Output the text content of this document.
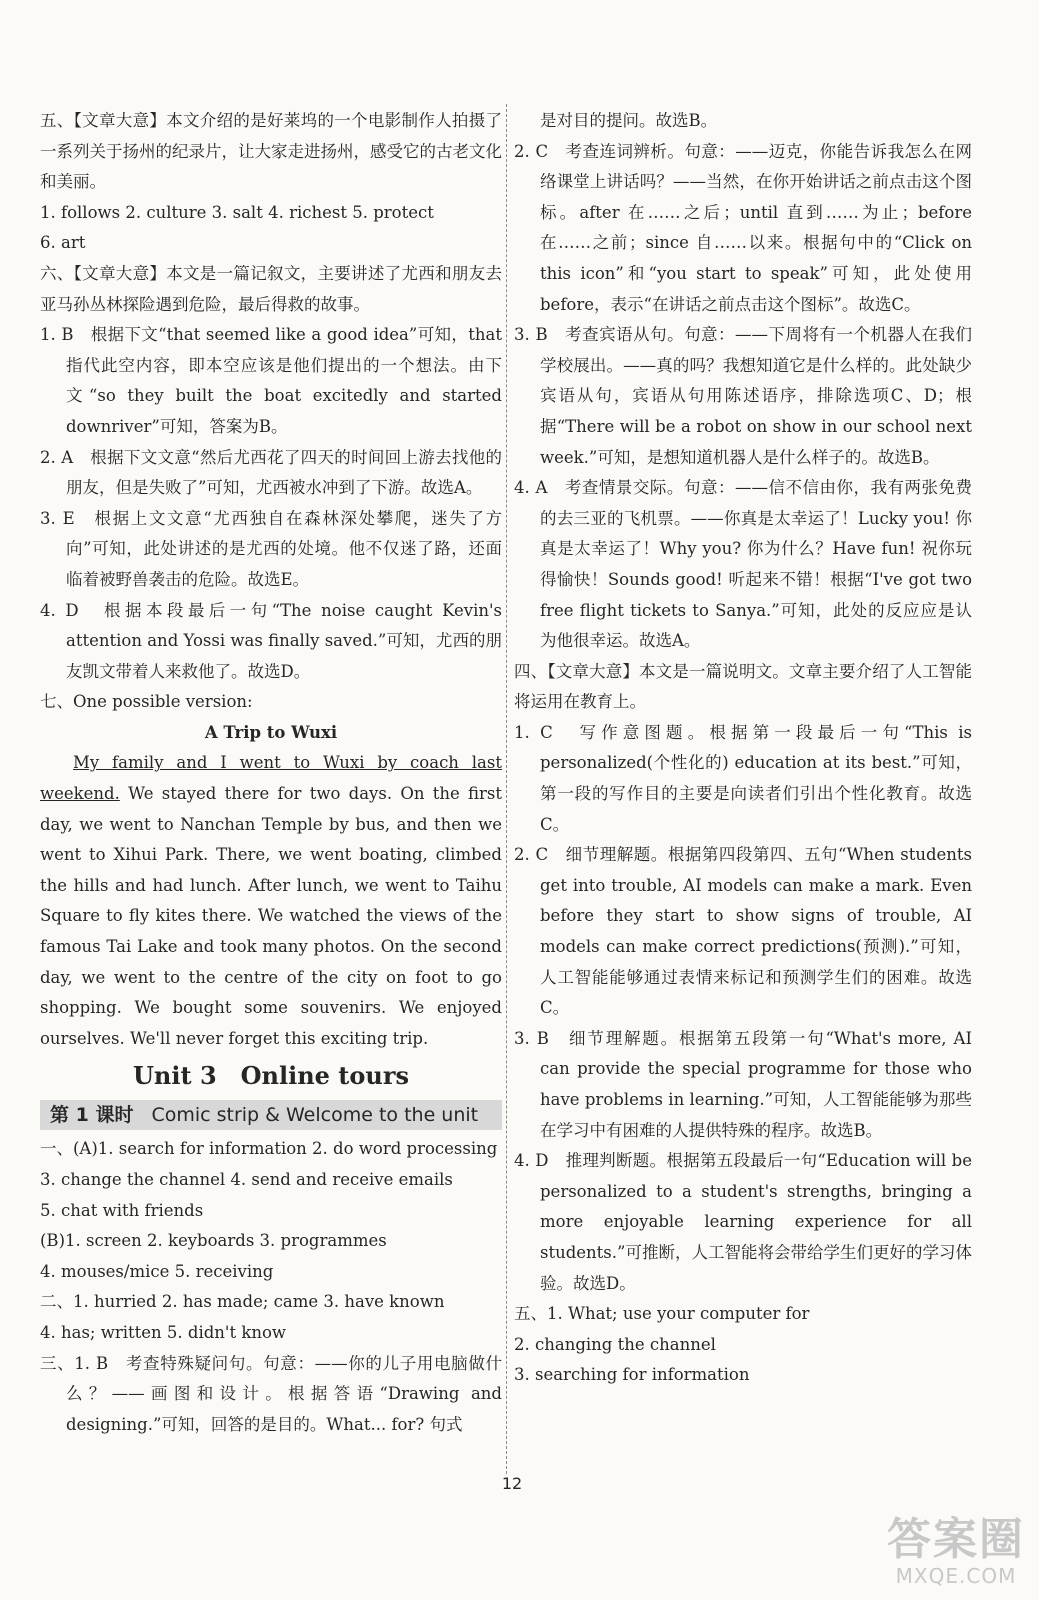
五、【文章大意】本文介绍的是好莱坞的一个电影制作人拍摄了一系列关于扬州的纪录片，让大家走进扬州，感受它的古老文化和美丽。

1. follows 2. culture 3. salt 4. richest 5. protect

6. art

六、【文章大意】本文是一篇记叙文，主要讲述了尤西和朋友去亚马孙丛林探险遇到危险，最后得救的故事。

1. B　根据下文“that seemed like a good idea”可知，that指代此空内容，即本空应该是他们提出的一个想法。由下文“so they built the boat excitedly and started downriver”可知，答案为B。

2. A　根据下文文意“然后尤西花了四天的时间回上游去找他的朋友，但是失败了”可知，尤西被水冲到了下游。故选A。

3. E　根据上文文意“尤西独自在森林深处攀爬，迷失了方向”可知，此处讲述的是尤西的处境。他不仅迷了路，还面临着被野兽袭击的危险。故选E。

4. D　根据本段最后一句“The noise caught Kevin's attention and Yossi was finally saved.”可知，尤西的朋友凯文带着人来救他了。故选D。

七、One possible version:

A Trip to Wuxi

My family and I went to Wuxi by coach last weekend. We stayed there for two days. On the first day, we went to Nanchan Temple by bus, and then we went to Xihui Park. There, we went boating, climbed the hills and had lunch. After lunch, we went to Taihu Square to fly kites there. We watched the views of the famous Tai Lake and took many photos. On the second day, we went to the centre of the city on foot to go shopping. We bought some souvenirs. We enjoyed ourselves. We'll never forget this exciting trip.

Unit 3　Online tours
第 1 课时 Comic strip & Welcome to the unit

一、(A)1. search for information 2. do word processing

3. change the channel 4. send and receive emails

5. chat with friends

(B)1. screen 2. keyboards 3. programmes

4. mouses/mice 5. receiving

二、1. hurried 2. has made; came 3. have known

4. has; written 5. didn't know

三、1. B　考查特殊疑问句。句意：——你的儿子用电脑做什么？——画图和设计。根据答语“Drawing and designing.”可知，回答的是目的。What... for? 句式

是对目的提问。故选B。

2. C　考查连词辨析。句意：——迈克，你能告诉我怎么在网络课堂上讲话吗？——当然，在你开始讲话之前点击这个图标。after 在……之后；until 直到……为止；before 在……之前；since 自……以来。根据句中的“Click on this icon”和“you start to speak”可知，此处使用 before，表示“在讲话之前点击这个图标”。故选C。

3. B　考查宾语从句。句意：——下周将有一个机器人在我们学校展出。——真的吗？我想知道它是什么样的。此处缺少宾语从句，宾语从句用陈述语序，排除选项C、D；根据“There will be a robot on show in our school next week.”可知，是想知道机器人是什么样子的。故选B。

4. A　考查情景交际。句意：——信不信由你，我有两张免费的去三亚的飞机票。——你真是太幸运了！Lucky you! 你真是太幸运了！Why you? 你为什么？Have fun! 祝你玩得愉快！Sounds good! 听起来不错！根据“I've got two free flight tickets to Sanya.”可知，此处的反应应是认为他很幸运。故选A。

四、【文章大意】本文是一篇说明文。文章主要介绍了人工智能将运用在教育上。

1. C　写作意图题。根据第一段最后一句“This is personalized(个性化的) education at its best.”可知，第一段的写作目的主要是向读者们引出个性化教育。故选C。

2. C　细节理解题。根据第四段第四、五句“When students get into trouble, AI models can make a mark. Even before they start to show signs of trouble, AI models can make correct predictions(预测).”可知，人工智能能够通过表情来标记和预测学生们的困难。故选C。

3. B　细节理解题。根据第五段第一句“What's more, AI can provide the special programme for those who have problems in learning.”可知，人工智能能够为那些在学习中有困难的人提供特殊的程序。故选B。

4. D　推理判断题。根据第五段最后一句“Education will be personalized to a student's strengths, bringing a more enjoyable learning experience for all students.”可推断，人工智能将会带给学生们更好的学习体验。故选D。

五、1. What; use your computer for

2. changing the channel

3. searching for information

12
答案圈
MXQE.COM
